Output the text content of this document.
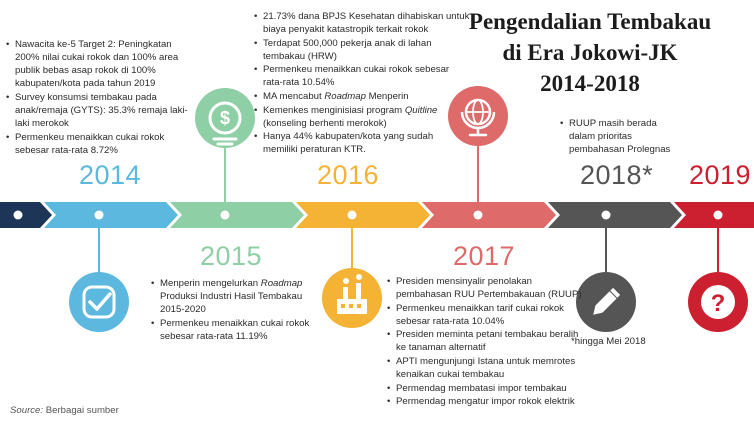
Pengendalian Tembakau
di Era Jokowi-JK
2014-2018
$
?
2014
2015
2016
2017
2018* 2019
• Nawacita ke-5 Target 2: Peningkatan 200% nilai cukai rokok dan 100% area publik bebas asap rokok di 100% kabupaten/kota pada tahun 2019
• Survey konsumsi tembakau pada anak/remaja (GYTS): 35.3% remaja laki-laki merokok
• Permenkeu menaikkan cukai rokok sebesar rata-rata 8.72%
• Menperin mengelurkan Roadmap Produksi Industri Hasil Tembakau 2015-2020
• Permenkeu menaikkan cukai rokok sebesar rata-rata 11.19%
• 21.73% dana BPJS Kesehatan dihabiskan untuk biaya penyakit katastropik terkait rokok
• Terdapat 500,000 pekerja anak di lahan tembakau (HRW)
• Permenkeu menaikkan cukai rokok sebesar rata-rata 10.54%
• MA mencabut Roadmap Menperin
• Kemenkes menginisiasi program Quitline (konseling berhenti merokok)
• Hanya 44% kabupaten/kota yang sudah memiliki peraturan KTR.
• Presiden mensinyalir penolakan pembahasan RUU Pertembakauan (RUUP)
• Permenkeu menaikkan tarif cukai rokok sebesar rata-rata 10.04%
• Presiden meminta petani tembakau beralih ke tanaman alternatif
• APTI mengunjungi Istana untuk memrotes kenaikan cukai tembakau
• Permendag membatasi impor tembakau
• Permendag mengatur impor rokok elektrik
• RUUP masih berada dalam prioritas pembahasan Prolegnas
*hingga Mei 2018
Source: Berbagai sumber
